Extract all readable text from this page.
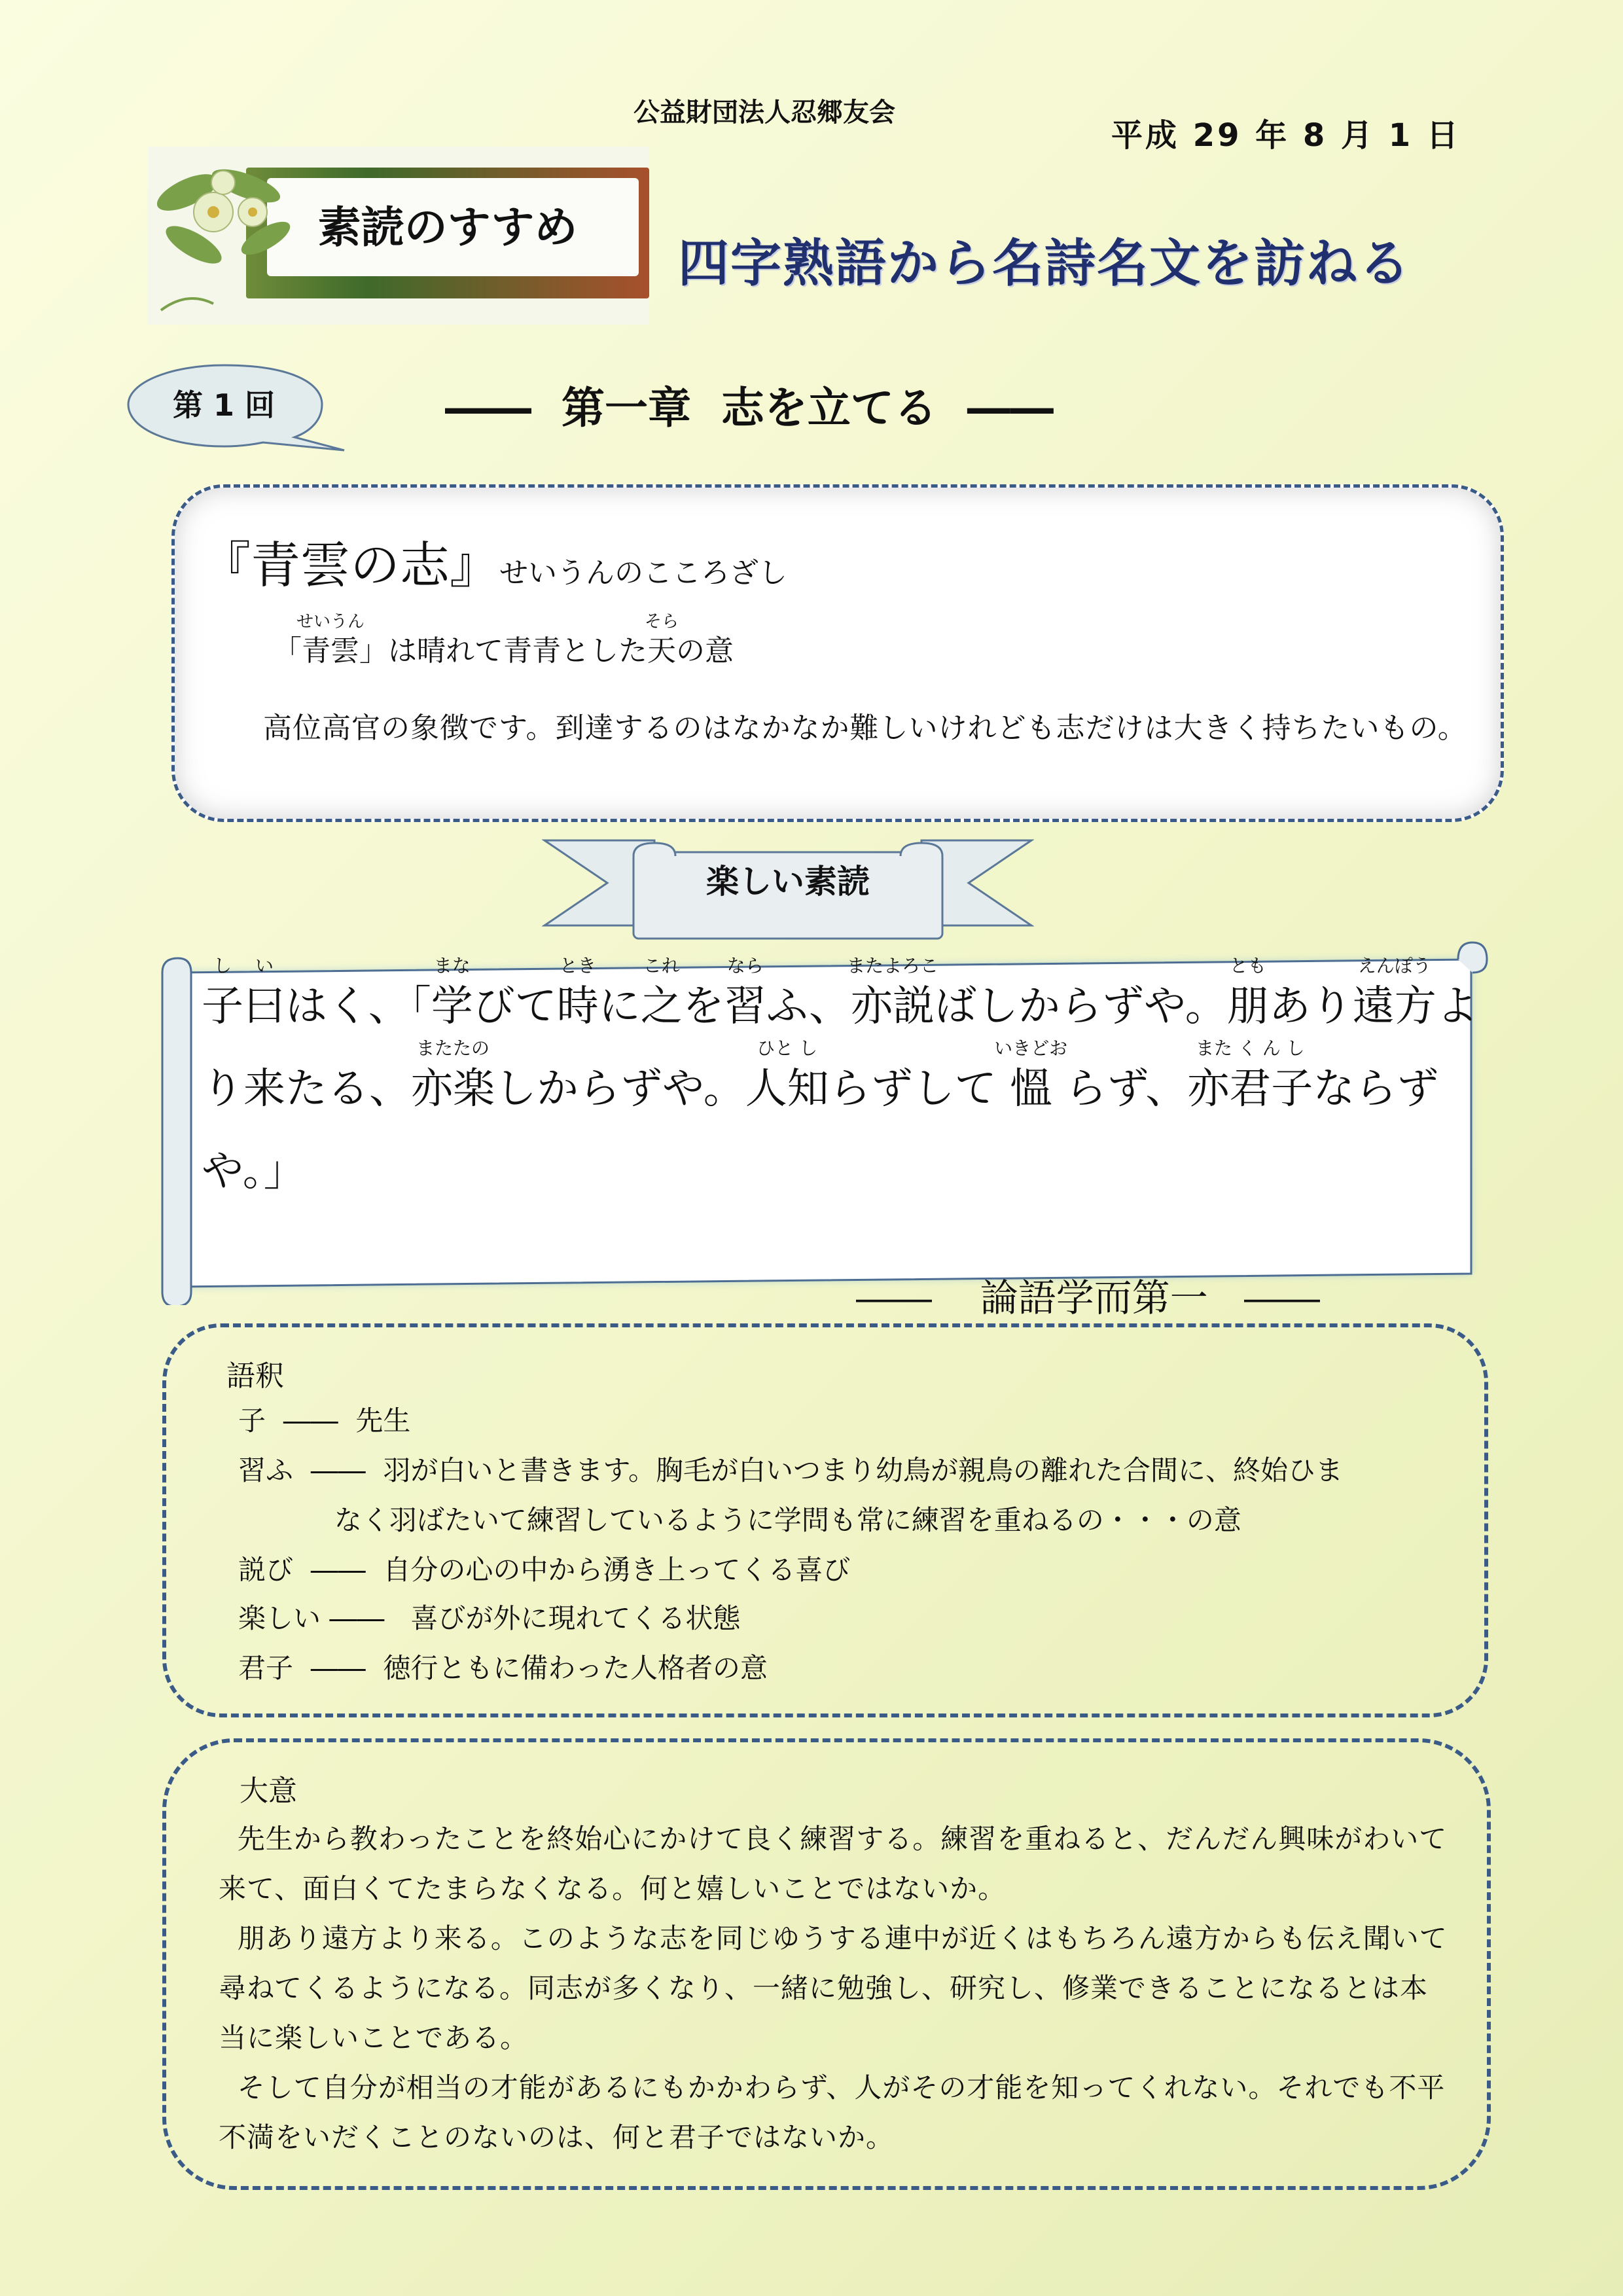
公益財団法人忍郷友会
平成 29 年 8 月 1 日
素読のすすめ
四字熟語から名詩名文を訪ねる
第 1 回	――  第一章  志を立てる  ――
『青雲の志』せいうんのこころざし
「青雲
せいうん
」は晴れて青青とした天
そら
の意
高位高官の象徴です。到達するのはなかなか難しいけれども志だけは大きく持ちたいもの。
楽しい素読
子
し
曰
い
はく、「学
まな
びて時
とき
に之
これ
を習
なら
ふ、亦説
またよろこ
ばしからずや。朋
とも
あり遠方
えんぽう
よ
り来たる、亦楽
またたの
しからずや。人知
ひと し
らずして 慍
いきどお
らず、亦君子
また く ん し
ならず
や。」
――    論語学而第一   ――
語釈
子  ――  先生
習ふ  ――  羽が白いと書きます。胸毛が白いつまり幼鳥が親鳥の離れた合間に、終始ひま
なく羽ばたいて練習しているように学問も常に練習を重ねるの・・・の意
説び  ――  自分の心の中から湧き上ってくる喜び
楽しい ――   喜びが外に現れてくる状態
君子  ――  徳行ともに備わった人格者の意
大意

先生から教わったことを終始心にかけて良く練習する。練習を重ねると、だんだん興味がわいて来て、面白くてたまらなくなる。何と嬉しいことではないか。

朋あり遠方より来る。このような志を同じゆうする連中が近くはもちろん遠方からも伝え聞いて尋ねてくるようになる。同志が多くなり、一緒に勉強し、研究し、修業できることになるとは本当に楽しいことである。

そして自分が相当の才能があるにもかかわらず、人がその才能を知ってくれない。それでも不平不満をいだくことのないのは、何と君子ではないか。
